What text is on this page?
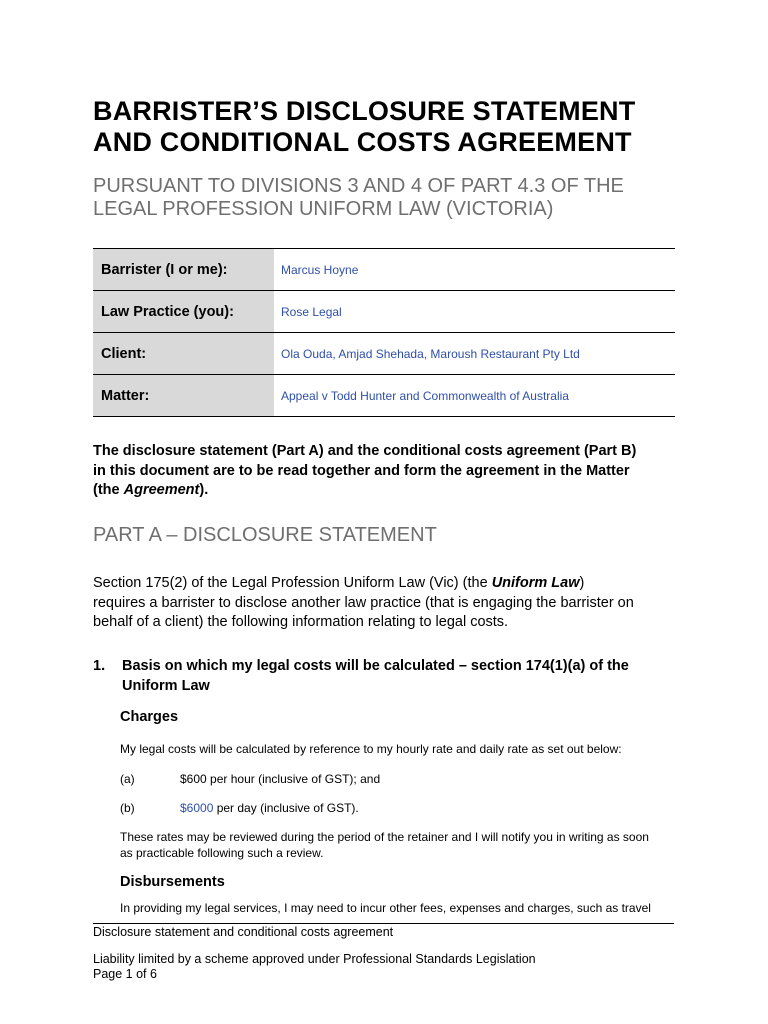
BARRISTER’S DISCLOSURE STATEMENT
AND CONDITIONAL COSTS AGREEMENT
PURSUANT TO DIVISIONS 3 AND 4 OF PART 4.3 OF THE
LEGAL PROFESSION UNIFORM LAW (VICTORIA)
Barrister (I or me):	Marcus Hoyne
Law Practice (you):	Rose Legal
Client:	Ola Ouda, Amjad Shehada, Maroush Restaurant Pty Ltd
Matter:	Appeal v Todd Hunter and Commonwealth of Australia
The disclosure statement (Part A) and the conditional costs agreement (Part B)
in this document are to be read together and form the agreement in the Matter
(the Agreement).
PART A – DISCLOSURE STATEMENT
Section 175(2) of the Legal Profession Uniform Law (Vic) (the Uniform Law)
requires a barrister to disclose another law practice (that is engaging the barrister on
behalf of a client) the following information relating to legal costs.
1. Basis on which my legal costs will be calculated – section 174(1)(a) of the
Uniform Law
Charges
My legal costs will be calculated by reference to my hourly rate and daily rate as set out below:
(a)	$600 per hour (inclusive of GST); and
(b)	$6000 per day (inclusive of GST).
These rates may be reviewed during the period of the retainer and I will notify you in writing as soon
as practicable following such a review.
Disbursements
In providing my legal services, I may need to incur other fees, expenses and charges, such as travel
Disclosure statement and conditional costs agreement
Liability limited by a scheme approved under Professional Standards Legislation
Page 1 of 6
